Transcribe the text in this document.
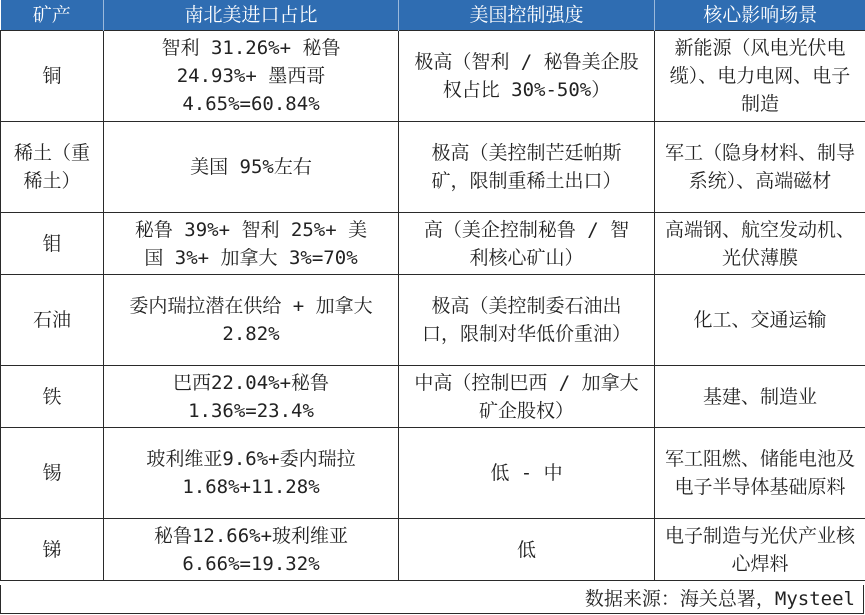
矿产	南北美进口占比	美国控制强度	核心影响场景
铜	智利 31.26%+ 秘鲁 24.93%+ 墨西哥 4.65%=60.84%	极高（智利 / 秘鲁美企股权占比 30%-50%）	新能源（风电光伏电缆）、电力电网、电子制造
稀土（重稀土）	美国 95%左右	极高（美控制芒廷帕斯矿，限制重稀土出口）	军工（隐身材料、制导系统）、高端磁材
钼	秘鲁 39%+ 智利 25%+ 美国 3%+ 加拿大 3%=70%	高（美企控制秘鲁 / 智利核心矿山）	高端钢、航空发动机、光伏薄膜
石油	委内瑞拉潜在供给 + 加拿大 2.82%	极高（美控制委石油出口，限制对华低价重油）	化工、交通运输
铁	巴西22.04%+秘鲁1.36%=23.4%	中高（控制巴西 / 加拿大矿企股权）	基建、制造业
锡	玻利维亚9.6%+委内瑞拉1.68%+11.28%	低 - 中	军工阻燃、储能电池及电子半导体基础原料
锑	秘鲁12.66%+玻利维亚6.66%=19.32%	低	电子制造与光伏产业核心焊料
数据来源：海关总署，Mysteel
